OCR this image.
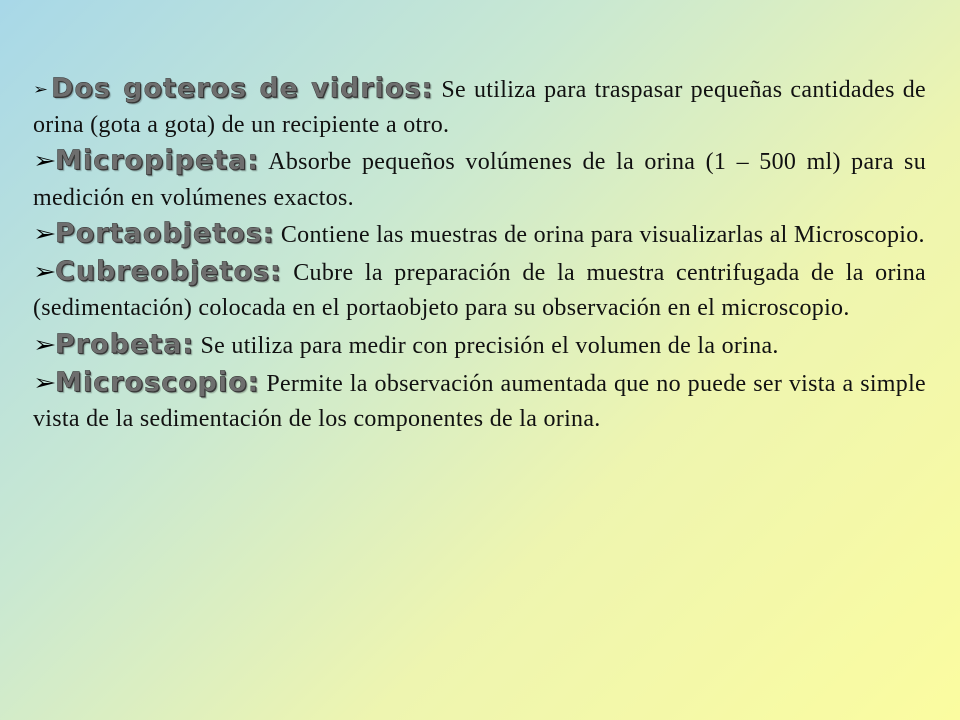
➢ Dos goteros de vidrios: Se utiliza para traspasar pequeñas cantidades de orina (gota a gota) de un recipiente a otro.

➢Micropipeta: Absorbe pequeños volúmenes de la orina (1 – 500 ml) para su medición en volúmenes exactos.

➢Portaobjetos: Contiene las muestras de orina para visualizarlas al Microscopio.

➢Cubreobjetos: Cubre la preparación de la muestra centrifugada de la orina (sedimentación) colocada en el portaobjeto para su observación en el microscopio.

➢Probeta: Se utiliza para medir con precisión el volumen de la orina.

➢Microscopio: Permite la observación aumentada que no puede ser vista a simple vista de la sedimentación de los componentes de la orina.
